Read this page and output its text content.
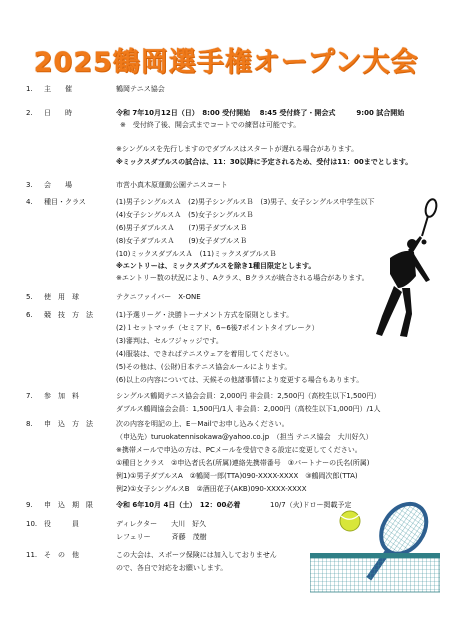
2025鶴岡選手権オープン大会
1. 主　　催	鶴岡テニス協会
2. 日　　時	令和 7年10月12日（日）　8:00 受付開始　 8:45 受付終了・開会式　　　9:00 試合開始
※　受付終了後、開会式までコートでの練習は可能です。
※シングルスを先行しますのでダブルスはスタートが遅れる場合があります。
※ミックスダブルスの試合は、11：30以降に予定されるため、受付は11：00までとします。
3. 会　　場	市営小真木原運動公園テニスコート
4. 種目・クラス	(1)男子シングルスＡ　(2)男子シングルスＢ　(3)男子、女子シングルス中学生以下
(4)女子シングルスＡ　(5)女子シングルスＢ
(6)男子ダブルスＡ　　(7)男子ダブルスＢ
(8)女子ダブルスＡ　　(9)女子ダブルスＢ
(10)ミックスダブルスＡ　(11)ミックスダブルスＢ
※エントリーは、ミックスダブルスを除き1種目限定とします。
※エントリー数の状況により、Aクラス、Bクラスが統合される場合があります。
5. 使　用　球	テクニファイバー　X-ONE
6. 競　技　方　法	(1)予選リーグ・決勝トーナメント方式を原則とします。
(2)１セットマッチ（セミアド、6−6後7ポイントタイブレーク）
(3)審判は、セルフジャッジです。
(4)服装は、できればテニスウェアを着用してください。
(5)その他は、(公財)日本テニス協会ルールによります。
(6)以上の内容については、天候その他諸事情により変更する場合もあります。
7. 参　加　料	シングルス鶴岡テニス協会会員：2,000円 非会員：2,500円（高校生以下1,500円）
ダブルス鶴岡協会会員：1,500円/1人 非会員：2,000円（高校生以下1,000円）/1人
8. 申　込　方　法	次の内容を明記の上、E－Mailでお申し込みください。
（申込先）turuokatennisokawa@yahoo.co.jp　（担当 テニス協会　大川好久）
※携帯メールで申込の方は、PCメールを受信できる設定に変更してください。
①種目とクラス　②申込者氏名(所属)連絡先携帯番号　③パートナーの氏名(所属)
例1)①男子ダブルスA　②鶴岡一郎(TTA)090-XXXX-XXXX　③鶴岡次郎(TTA)
例2)①女子シングルスB　②酒田花子(AKB)090-XXXX-XXXX
9. 申　込　期　限	令和 6年10月 4日（土）　12：00必着	10/7（火)ドロー掲載予定
10. 役　　　員	ディレクター　　大川　好久
レフェリー　　　斉藤　茂樹
11. そ　の　他	この大会は、スポーツ保険には加入しておりません
ので、各自で対応をお願いします。
